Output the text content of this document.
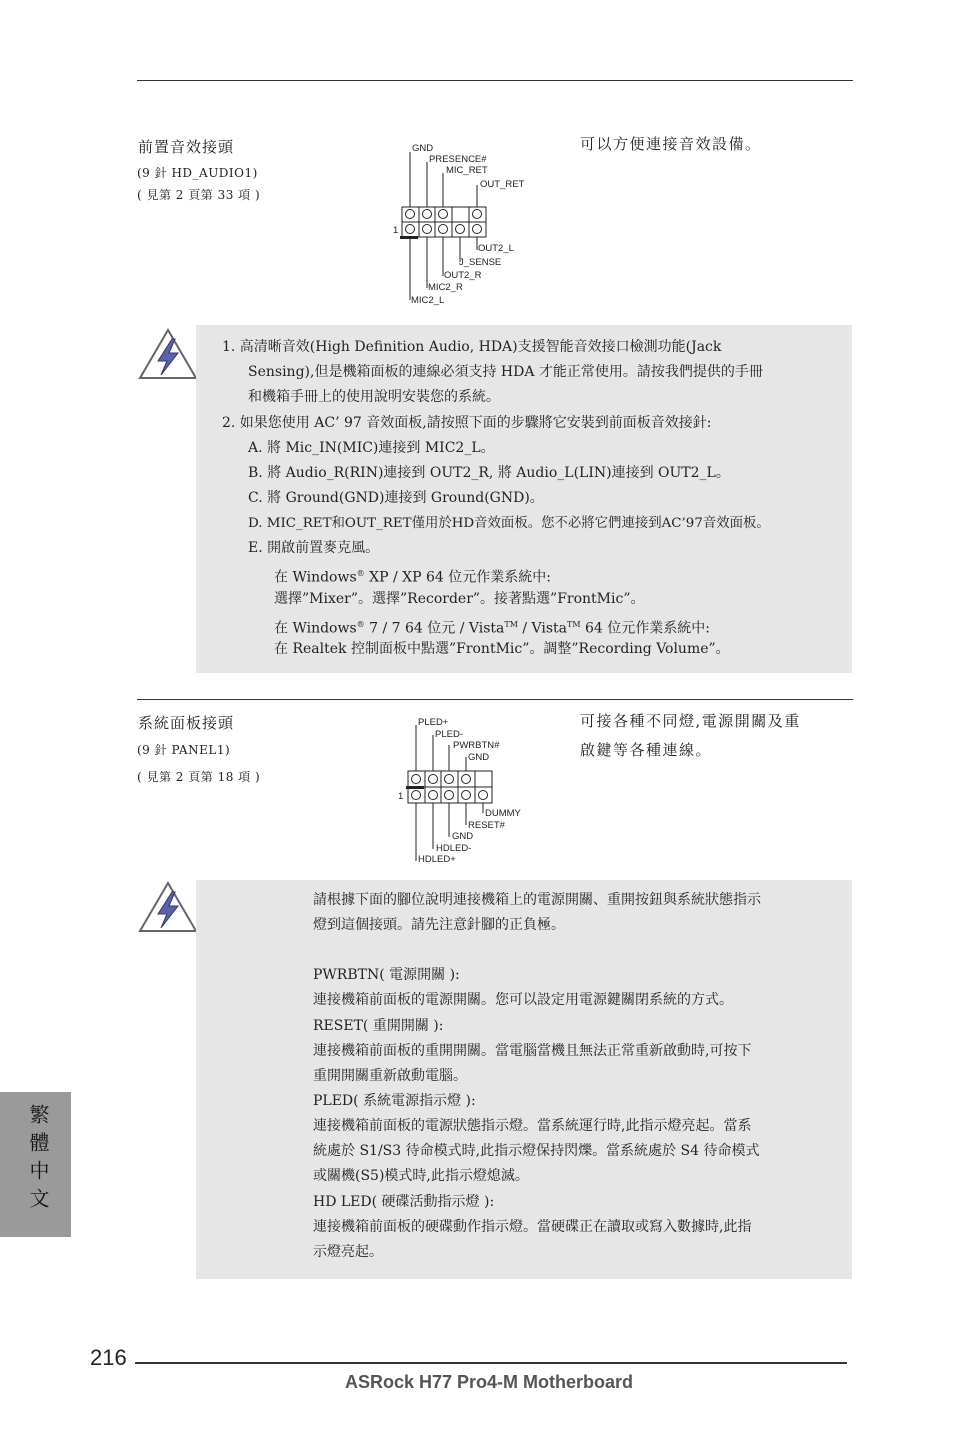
前置音效接頭
(9 針 HD_AUDIO1)
( 見第 2 頁第 33 項 )
可以方便連接音效設備。
GND
PRESENCE#
MIC_RET
OUT_RET
1
OUT2_L
J_SENSE
OUT2_R
MIC2_R
MIC2_L

1. 高清晰音效(High Definition Audio, HDA)支援智能音效接口檢測功能(Jack

Sensing),但是機箱面板的連線必須支持 HDA 才能正常使用。請按我們提供的手冊

和機箱手冊上的使用說明安裝您的系統。

2. 如果您使用 AC’ 97 音效面板,請按照下面的步驟將它安裝到前面板音效接針:

A. 將 Mic_IN(MIC)連接到 MIC2_L。

B. 將 Audio_R(RIN)連接到 OUT2_R, 將 Audio_L(LIN)連接到 OUT2_L。

C. 將 Ground(GND)連接到 Ground(GND)。

D. MIC_RET和OUT_RET僅用於HD音效面板。您不必將它們連接到AC’97音效面板。

E. 開啟前置麥克風。

在 Windows® XP / XP 64 位元作業系統中:

選擇”Mixer”。選擇”Recorder”。接著點選”FrontMic”。

在 Windows® 7 / 7 64 位元 / Vista™ / Vista™ 64 位元作業系統中:

在 Realtek 控制面板中點選”FrontMic”。調整”Recording Volume”。

系統面板接頭
(9 針 PANEL1)
( 見第 2 頁第 18 項 )
可接各種不同燈,電源開關及重
啟鍵等各種連線。
PLED+
PLED-
PWRBTN#
GND
1
DUMMY
RESET#
GND
HDLED-
HDLED+

請根據下面的腳位說明連接機箱上的電源開關、重開按鈕與系統狀態指示

燈到這個接頭。請先注意針腳的正負極。

PWRBTN( 電源開關 ):

連接機箱前面板的電源開關。您可以設定用電源鍵關閉系統的方式。

RESET( 重開開關 ):

連接機箱前面板的重開開關。當電腦當機且無法正常重新啟動時,可按下

重開開關重新啟動電腦。

PLED( 系統電源指示燈 ):

連接機箱前面板的電源狀態指示燈。當系統運行時,此指示燈亮起。當系

統處於 S1/S3 待命模式時,此指示燈保持閃爍。當系統處於 S4 待命模式

或關機(S5)模式時,此指示燈熄滅。

HD LED( 硬碟活動指示燈 ):

連接機箱前面板的硬碟動作指示燈。當硬碟正在讀取或寫入數據時,此指

示燈亮起。

繁體中文
216
ASRock H77 Pro4-M Motherboard
